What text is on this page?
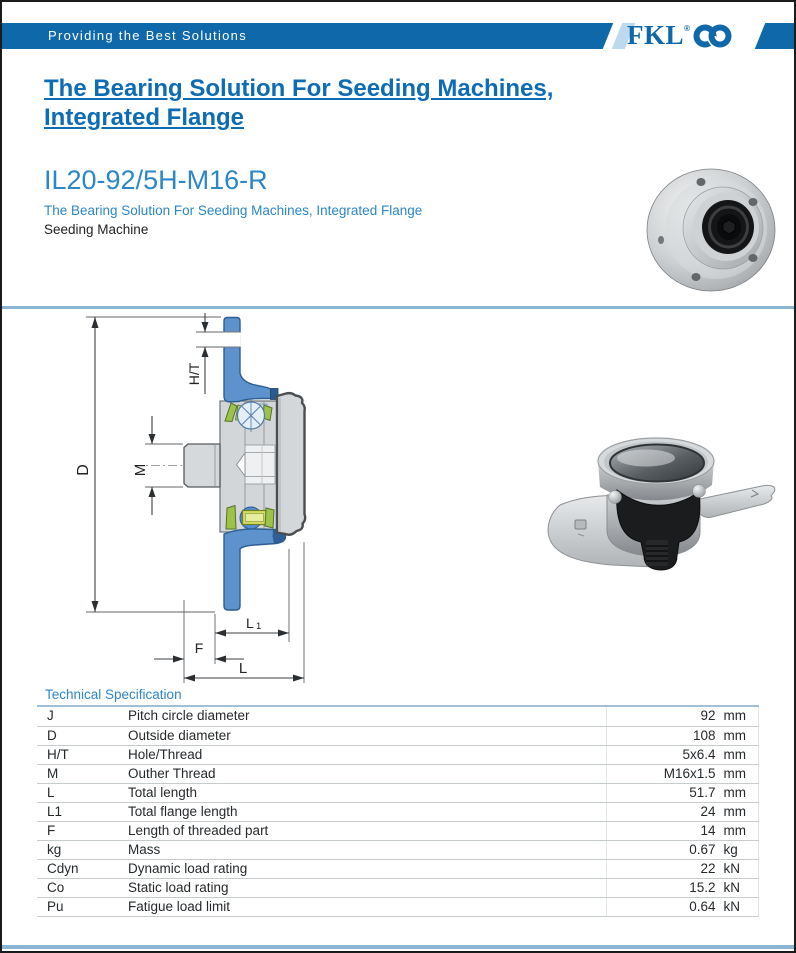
Providing the Best Solutions	FKL ®
The Bearing Solution For Seeding Machines,
Integrated Flange
IL20-92/5H-M16-R
The Bearing Solution For Seeding Machines, Integrated Flange
Seeding Machine
D	M
H/T
L 1
F
L
Technical Specification
J	Pitch circle diameter	92	mm
D	Outside diameter	108	mm
H/T	Hole/Thread	5x6.4	mm
M	Outher Thread	M16x1.5	mm
L	Total length	51.7	mm
L1	Total flange length	24	mm
F	Length of threaded part	14	mm
kg	Mass	0.67	kg
Cdyn	Dynamic load rating	22	kN
Co	Static load rating	15.2	kN
Pu	Fatigue load limit	0.64	kN
